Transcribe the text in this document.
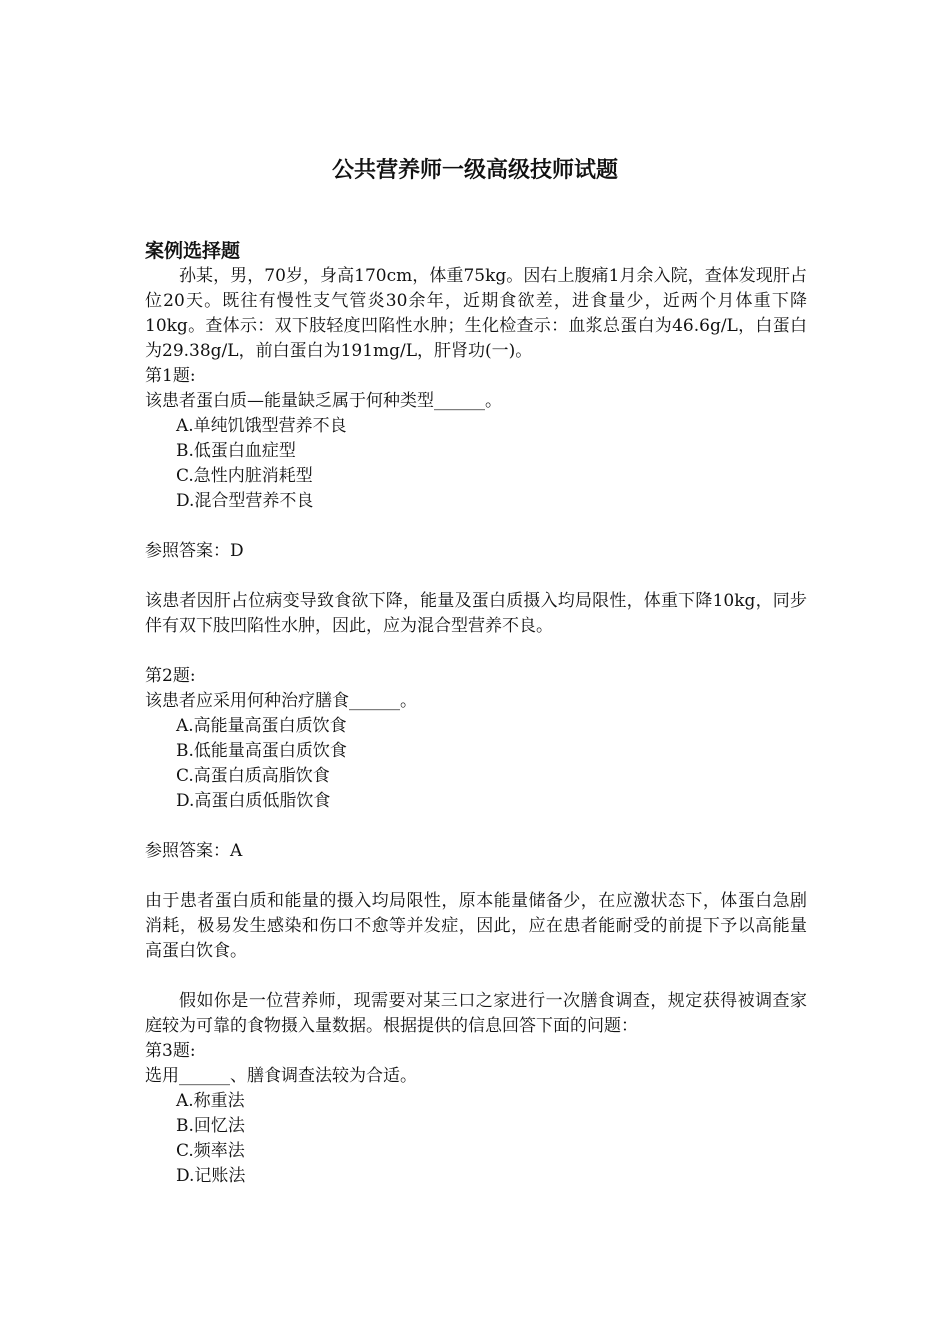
公共营养师一级高级技师试题
案例选择题

孙某，男，70岁，身高170cm，体重75kg。因右上腹痛1月余入院，查体发现肝占位20天。既往有慢性支气管炎30余年，近期食欲差，进食量少，近两个月体重下降10kg。查体示：双下肢轻度凹陷性水肿；生化检查示：血浆总蛋白为46.6g/L，白蛋白为29.38g/L，前白蛋白为191mg/L，肝肾功(一)。

第1题:

该患者蛋白质—能量缺乏属于何种类型______。

A.单纯饥饿型营养不良

B.低蛋白血症型

C.急性内脏消耗型

D.混合型营养不良

参照答案：D

该患者因肝占位病变导致食欲下降，能量及蛋白质摄入均局限性，体重下降10kg，同步伴有双下肢凹陷性水肿，因此，应为混合型营养不良。

第2题:

该患者应采用何种治疗膳食______。

A.高能量高蛋白质饮食

B.低能量高蛋白质饮食

C.高蛋白质高脂饮食

D.高蛋白质低脂饮食

参照答案：A

由于患者蛋白质和能量的摄入均局限性，原本能量储备少，在应激状态下，体蛋白急剧消耗，极易发生感染和伤口不愈等并发症，因此，应在患者能耐受的前提下予以高能量高蛋白饮食。

假如你是一位营养师，现需要对某三口之家进行一次膳食调查，规定获得被调查家庭较为可靠的食物摄入量数据。根据提供的信息回答下面的问题：

第3题:

选用______、膳食调查法较为合适。

A.称重法

B.回忆法

C.频率法

D.记账法
